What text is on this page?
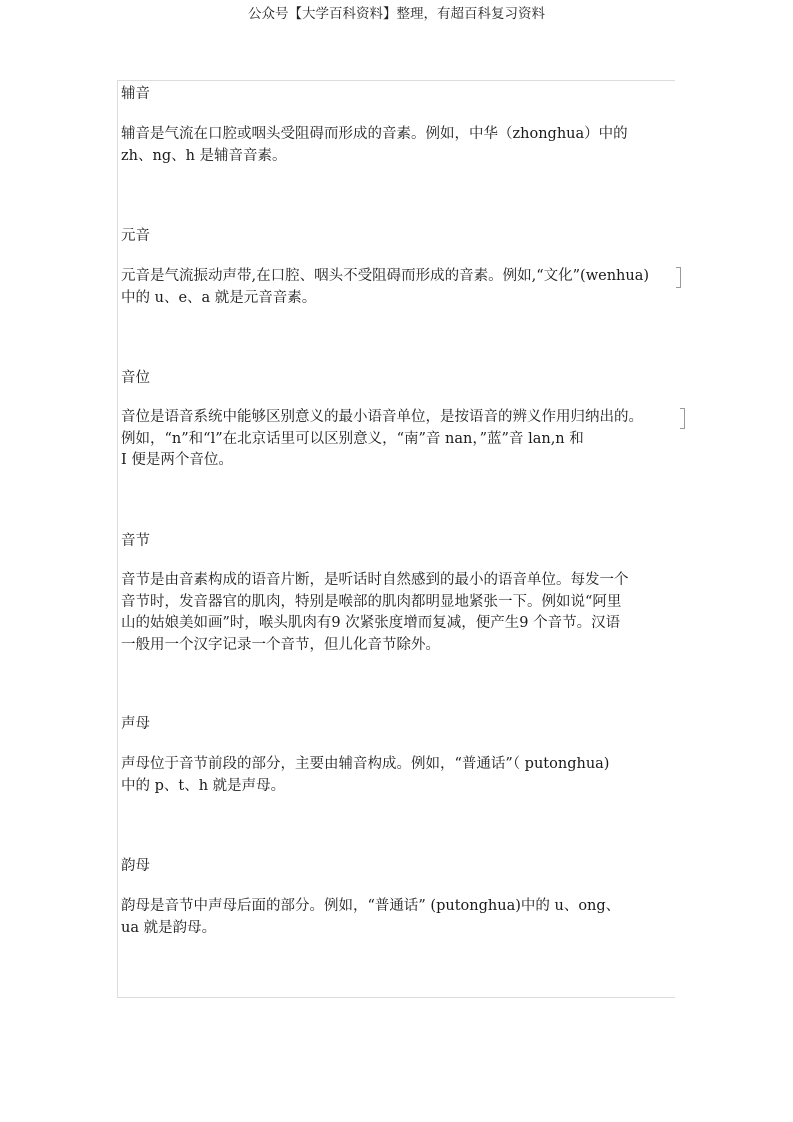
公众号【大学百科资料】整理，有超百科复习资料
辅音
辅音是气流在口腔或咽头受阻碍而形成的音素。例如，中华（zhonghua）中的
zh、ng、h 是辅音音素。
元音
元音是气流振动声带,在口腔、咽头不受阻碍而形成的音素。例如,“文化”(wenhua)
中的 u、e、a 就是元音音素。
音位
音位是语音系统中能够区别意义的最小语音单位，是按语音的辨义作用归纳出的。
例如，“n”和“l”在北京话里可以区别意义，“南”音 nan，”蓝”音 lan,n 和
I 便是两个音位。
音节
音节是由音素构成的语音片断，是听话时自然感到的最小的语音单位。每发一个
音节时，发音器官的肌肉，特别是喉部的肌肉都明显地紧张一下。例如说“阿里
山的姑娘美如画”时，喉头肌肉有9 次紧张度增而复减，便产生9 个音节。汉语
一般用一个汉字记录一个音节，但儿化音节除外。
声母
声母位于音节前段的部分，主要由辅音构成。例如，“普通话”（ putonghua)
中的 p、t、h 就是声母。
韵母
韵母是音节中声母后面的部分。例如，“普通话” (putonghua)中的 u、ong、
ua 就是韵母。
